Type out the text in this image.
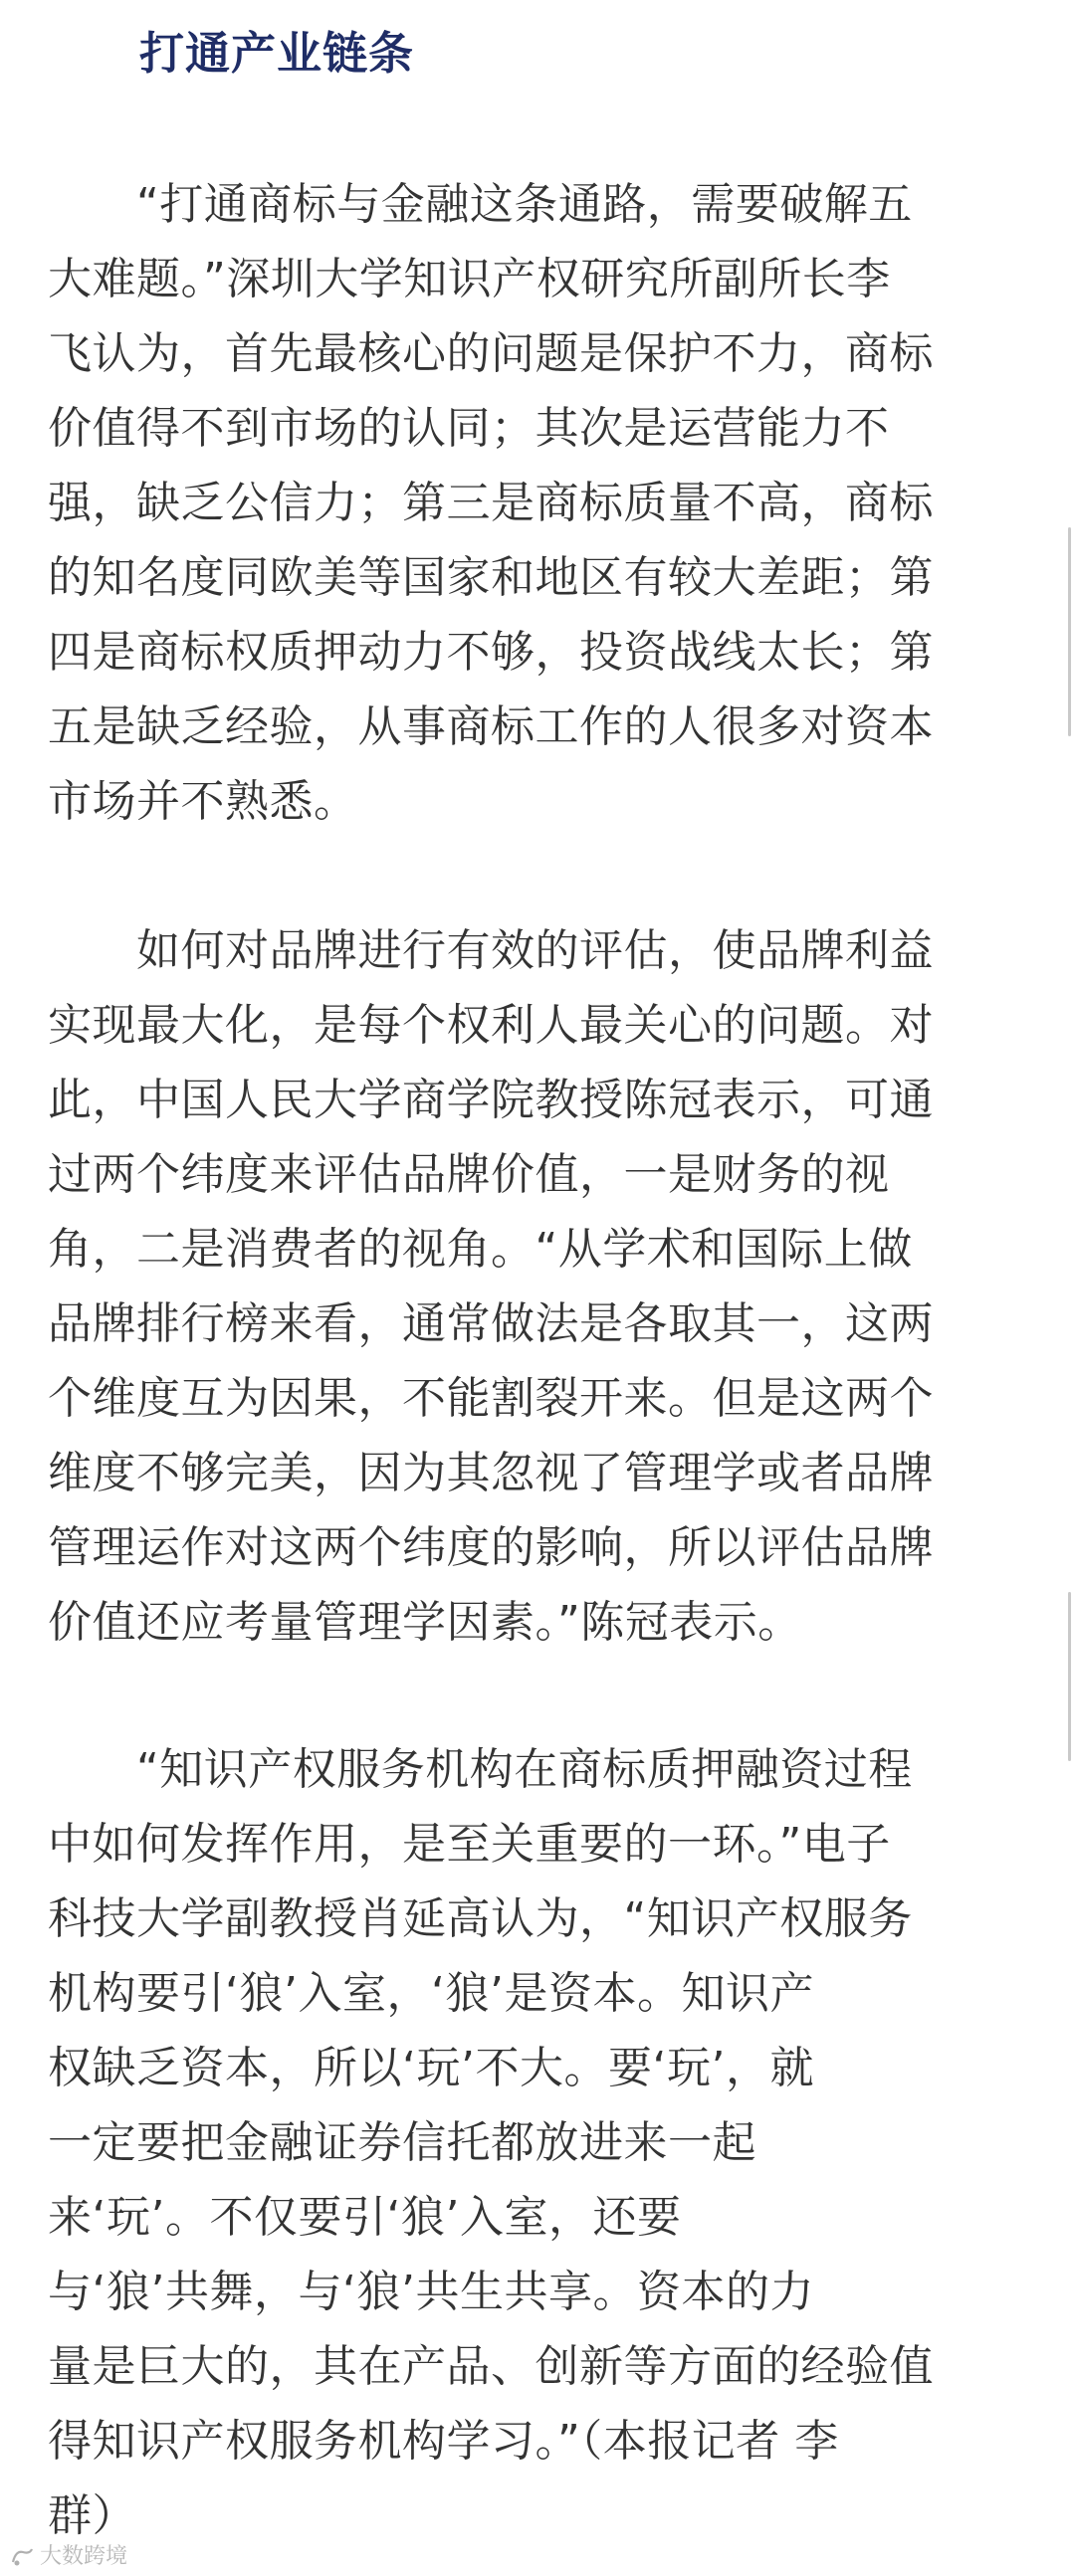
打通产业链条
　　“打通商标与金融这条通路，需要破解五
大难题。”深圳大学知识产权研究所副所长李
飞认为，首先最核心的问题是保护不力，商标
价值得不到市场的认同；其次是运营能力不
强，缺乏公信力；第三是商标质量不高，商标
的知名度同欧美等国家和地区有较大差距；第
四是商标权质押动力不够，投资战线太长；第
五是缺乏经验，从事商标工作的人很多对资本
市场并不熟悉。
　　如何对品牌进行有效的评估，使品牌利益
实现最大化，是每个权利人最关心的问题。对
此，中国人民大学商学院教授陈冠表示，可通
过两个纬度来评估品牌价值，一是财务的视
角，二是消费者的视角。“从学术和国际上做
品牌排行榜来看，通常做法是各取其一，这两
个维度互为因果，不能割裂开来。但是这两个
维度不够完美，因为其忽视了管理学或者品牌
管理运作对这两个纬度的影响，所以评估品牌
价值还应考量管理学因素。”陈冠表示。
　　“知识产权服务机构在商标质押融资过程
中如何发挥作用，是至关重要的一环。”电子
科技大学副教授肖延高认为，“知识产权服务
机构要引‘狼’入室，‘狼’是资本。知识产
权缺乏资本，所以‘玩’不大。要‘玩’，就
一定要把金融证券信托都放进来一起
来‘玩’。不仅要引‘狼’入室，还要
与‘狼’共舞，与‘狼’共生共享。资本的力
量是巨大的，其在产品、创新等方面的经验值
得知识产权服务机构学习。”（本报记者 李
群）
大数跨境
